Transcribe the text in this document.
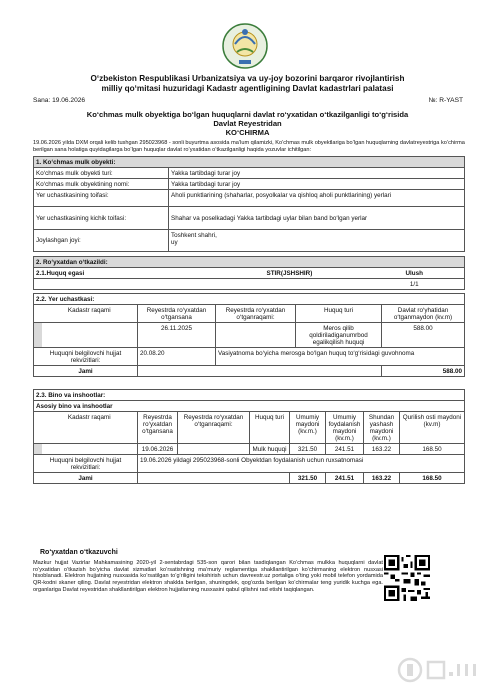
O‘zbekiston Respublikasi Urbanizatsiya va uy-joy bozorini barqaror rivojlantirish
milliy qo‘mitasi huzuridagi Kadastr agentligining Davlat kadastrlari palatasi
Sana: 19.06.2026	№: R-YAST
Ko‘chmas mulk obyektiga bo‘lgan huquqlarni davlat ro‘yxatidan o‘tkazilganligi to‘g‘risida
Davlat Reyestridan
KO‘CHIRMA
19.06.2026 yilda DXM orqali kelib tushgan 295023968 - sonli buyurtma asosida ma’lum qilamizki, Ko‘chmas mulk obyektlariga bo‘lgan huquqlarning davlatreyestriga ko‘chirma berilgan sana holatiga quyidagilarga bo‘lgan huquqlar davlat ro‘yxatidan o‘tkazilganligi haqida yozuvlar ichitilgan:
1. Ko‘chmas mulk obyekti:	
Ko‘chmas mulk obyekti turi:	Yakka tartibdagi turar joy
Ko‘chmas mulk obyektining nomi:	Yakka tartibdagi turar joy
Yer uchastkasining toifasi:	Aholi punktlarining (shaharlar, posyolkalar va qishloq aholi punktlarining) yerlari
Yer uchastkasining kichik toifasi:	Shahar va poselkadagi Yakka tartibdagi uylar bilan band bo‘lgan yerlar
Joylashgan joyi:	Toshkent shahri,
uy
2. Ro‘yxatdan o‘tkazildi:		
2.1.Huquq egasi	STIR(JSHSHIR)	Ulush
		1/1
2.2. Yer uchastkasi:					
	Kadastr raqami	Reyestrda ro‘yxatdan o‘tgansana	Reyestrda ro‘yxatdan o‘tganraqami:	Huquq turi	Davlat ro‘yhatidan o‘tganmaydon (kv.m)
		26.11.2025		Meros qilib qoldiriladiganumrbod egalikqilish huquqi	588.00
Huquqni belgilovchi hujjat rekvizitlari:		20.08.20	Vasiyatnoma bo‘yicha merosga bo‘lgan huquq to‘g‘risidagi guvohnoma		
Jami					588.00
2.3. Bino va inshootlar:								
Asosiy bino va inshootlar								
	Kadastr raqami	Reyestrda ro‘yxatdan o‘tgansana	Reyestrda ro‘yxatdan o‘tganraqami:	Huquq turi	Umumiy maydoni (kv.m.)	Umumiy foydalanish maydoni (kv.m.)	Shundan yashash maydoni (kv.m.)	Qurilish osti maydoni (kv.m)
		19.06.2026		Mulk huquqi	321.50	241.51	163.22	168.50
Huquqni belgilovchi hujjat rekvizitlari:		19.06.2026 yildagi 295023968-sonli Obyektdan foydalanish uchun ruxsatnomasi						
Jami					321.50	241.51	163.22	168.50
Ro‘yxatdan o‘tkazuvchi
Mazkur hujjat Vazirlar Mahkamasining 2020-yil 2-sentabrdagi 535-son qarori bilan tasdiqlangan Ko‘chmas mulkka huquqlarni davlat ro‘yxatidan o‘tkazish bo‘yicha davlat xizmatlari ko‘rsatishning ma’muriy reglamentiga shakllantirilgan ko‘chirmaning elektron nusxasi hisoblanadi. Elektron hujjatning nusxasida ko‘rsatilgan to‘g‘riligini tekshirish uchun davreestr.uz portaliga o‘ting yoki mobil telefon yordamida QR-kodni skaner qiling. Davlat reyestridan elektron shaklda berilgan, shuningdek, qog‘ozda berilgan ko‘chirmalar teng yuridik kuchga ega. organlariga Davlat reyestridan shakllantirilgan elektron hujjatlarning nusxasini qabul qilishni rad etishi taqiqlangan.
